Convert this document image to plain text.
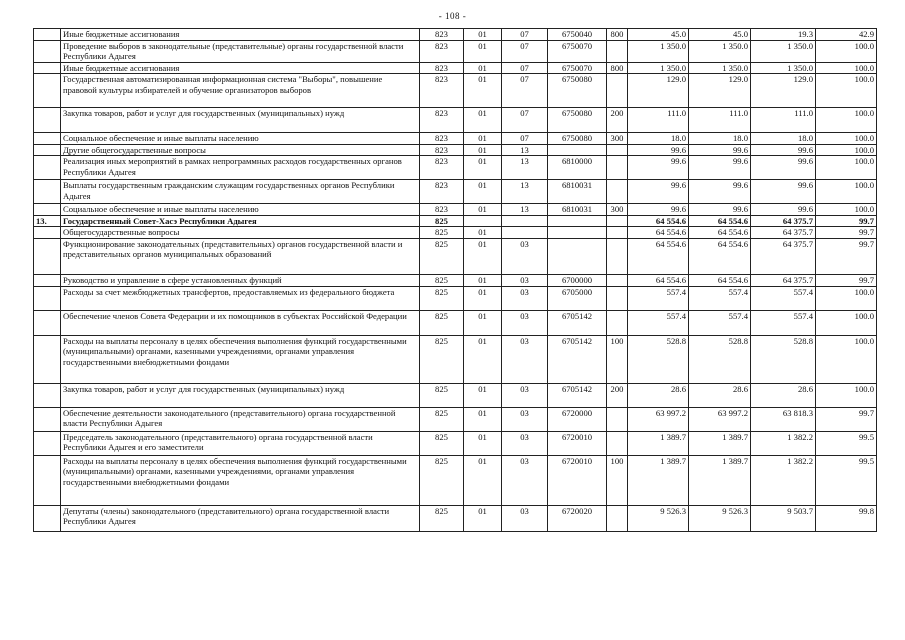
- 108 -
	Иные бюджетные ассигнования	823	01	07	6750040	800	45.0	45.0	19.3	42.9
	Проведение выборов в законодательные (представительные) органы государственной власти Республики Адыгея	823	01	07	6750070		1 350.0	1 350.0	1 350.0	100.0
	Иные бюджетные ассигнования	823	01	07	6750070	800	1 350.0	1 350.0	1 350.0	100.0
	Государственная автоматизированная информационная система "Выборы", повышение правовой культуры избирателей и обучение организаторов выборов	823	01	07	6750080		129.0	129.0	129.0	100.0
	Закупка товаров, работ и услуг для государственных (муниципальных) нужд	823	01	07	6750080	200	111.0	111.0	111.0	100.0
	Социальное обеспечение и иные выплаты населению	823	01	07	6750080	300	18.0	18.0	18.0	100.0
	Другие общегосударственные вопросы	823	01	13			99.6	99.6	99.6	100.0
	Реализация иных мероприятий в рамках непрограммных расходов государственных органов Республики Адыгея	823	01	13	6810000		99.6	99.6	99.6	100.0
	Выплаты государственным гражданским служащим государственных органов Республики Адыгея	823	01	13	6810031		99.6	99.6	99.6	100.0
	Социальное обеспечение и иные выплаты населению	823	01	13	6810031	300	99.6	99.6	99.6	100.0
13.	Государственный Совет-Хасэ Республики Адыгея	825					64 554.6	64 554.6	64 375.7	99.7
	Общегосударственные вопросы	825	01				64 554.6	64 554.6	64 375.7	99.7
	Функционирование законодательных (представительных) органов государственной власти и представительных органов муниципальных образований	825	01	03			64 554.6	64 554.6	64 375.7	99.7
	Руководство и управление в сфере установленных функций	825	01	03	6700000		64 554.6	64 554.6	64 375.7	99.7
	Расходы за счет межбюджетных трансфертов, предоставляемых из федерального бюджета	825	01	03	6705000		557.4	557.4	557.4	100.0
	Обеспечение членов Совета Федерации и их помощников в субъектах Российской Федерации	825	01	03	6705142		557.4	557.4	557.4	100.0
	Расходы на выплаты персоналу в целях обеспечения выполнения функций государственными (муниципальными) органами, казенными учреждениями, органами управления государственными внебюджетными фондами	825	01	03	6705142	100	528.8	528.8	528.8	100.0
	Закупка товаров, работ и услуг для государственных (муниципальных) нужд	825	01	03	6705142	200	28.6	28.6	28.6	100.0
	Обеспечение деятельности законодательного (представительного) органа государственной власти Республики Адыгея	825	01	03	6720000		63 997.2	63 997.2	63 818.3	99.7
	Председатель законодательного (представительного) органа государственной власти Республики Адыгея и его заместители	825	01	03	6720010		1 389.7	1 389.7	1 382.2	99.5
	Расходы на выплаты персоналу в целях обеспечения выполнения функций государственными (муниципальными) органами, казенными учреждениями, органами управления государственными внебюджетными фондами	825	01	03	6720010	100	1 389.7	1 389.7	1 382.2	99.5
	Депутаты (члены) законодательного (представительного) органа государственной власти Республики Адыгея	825	01	03	6720020		9 526.3	9 526.3	9 503.7	99.8
